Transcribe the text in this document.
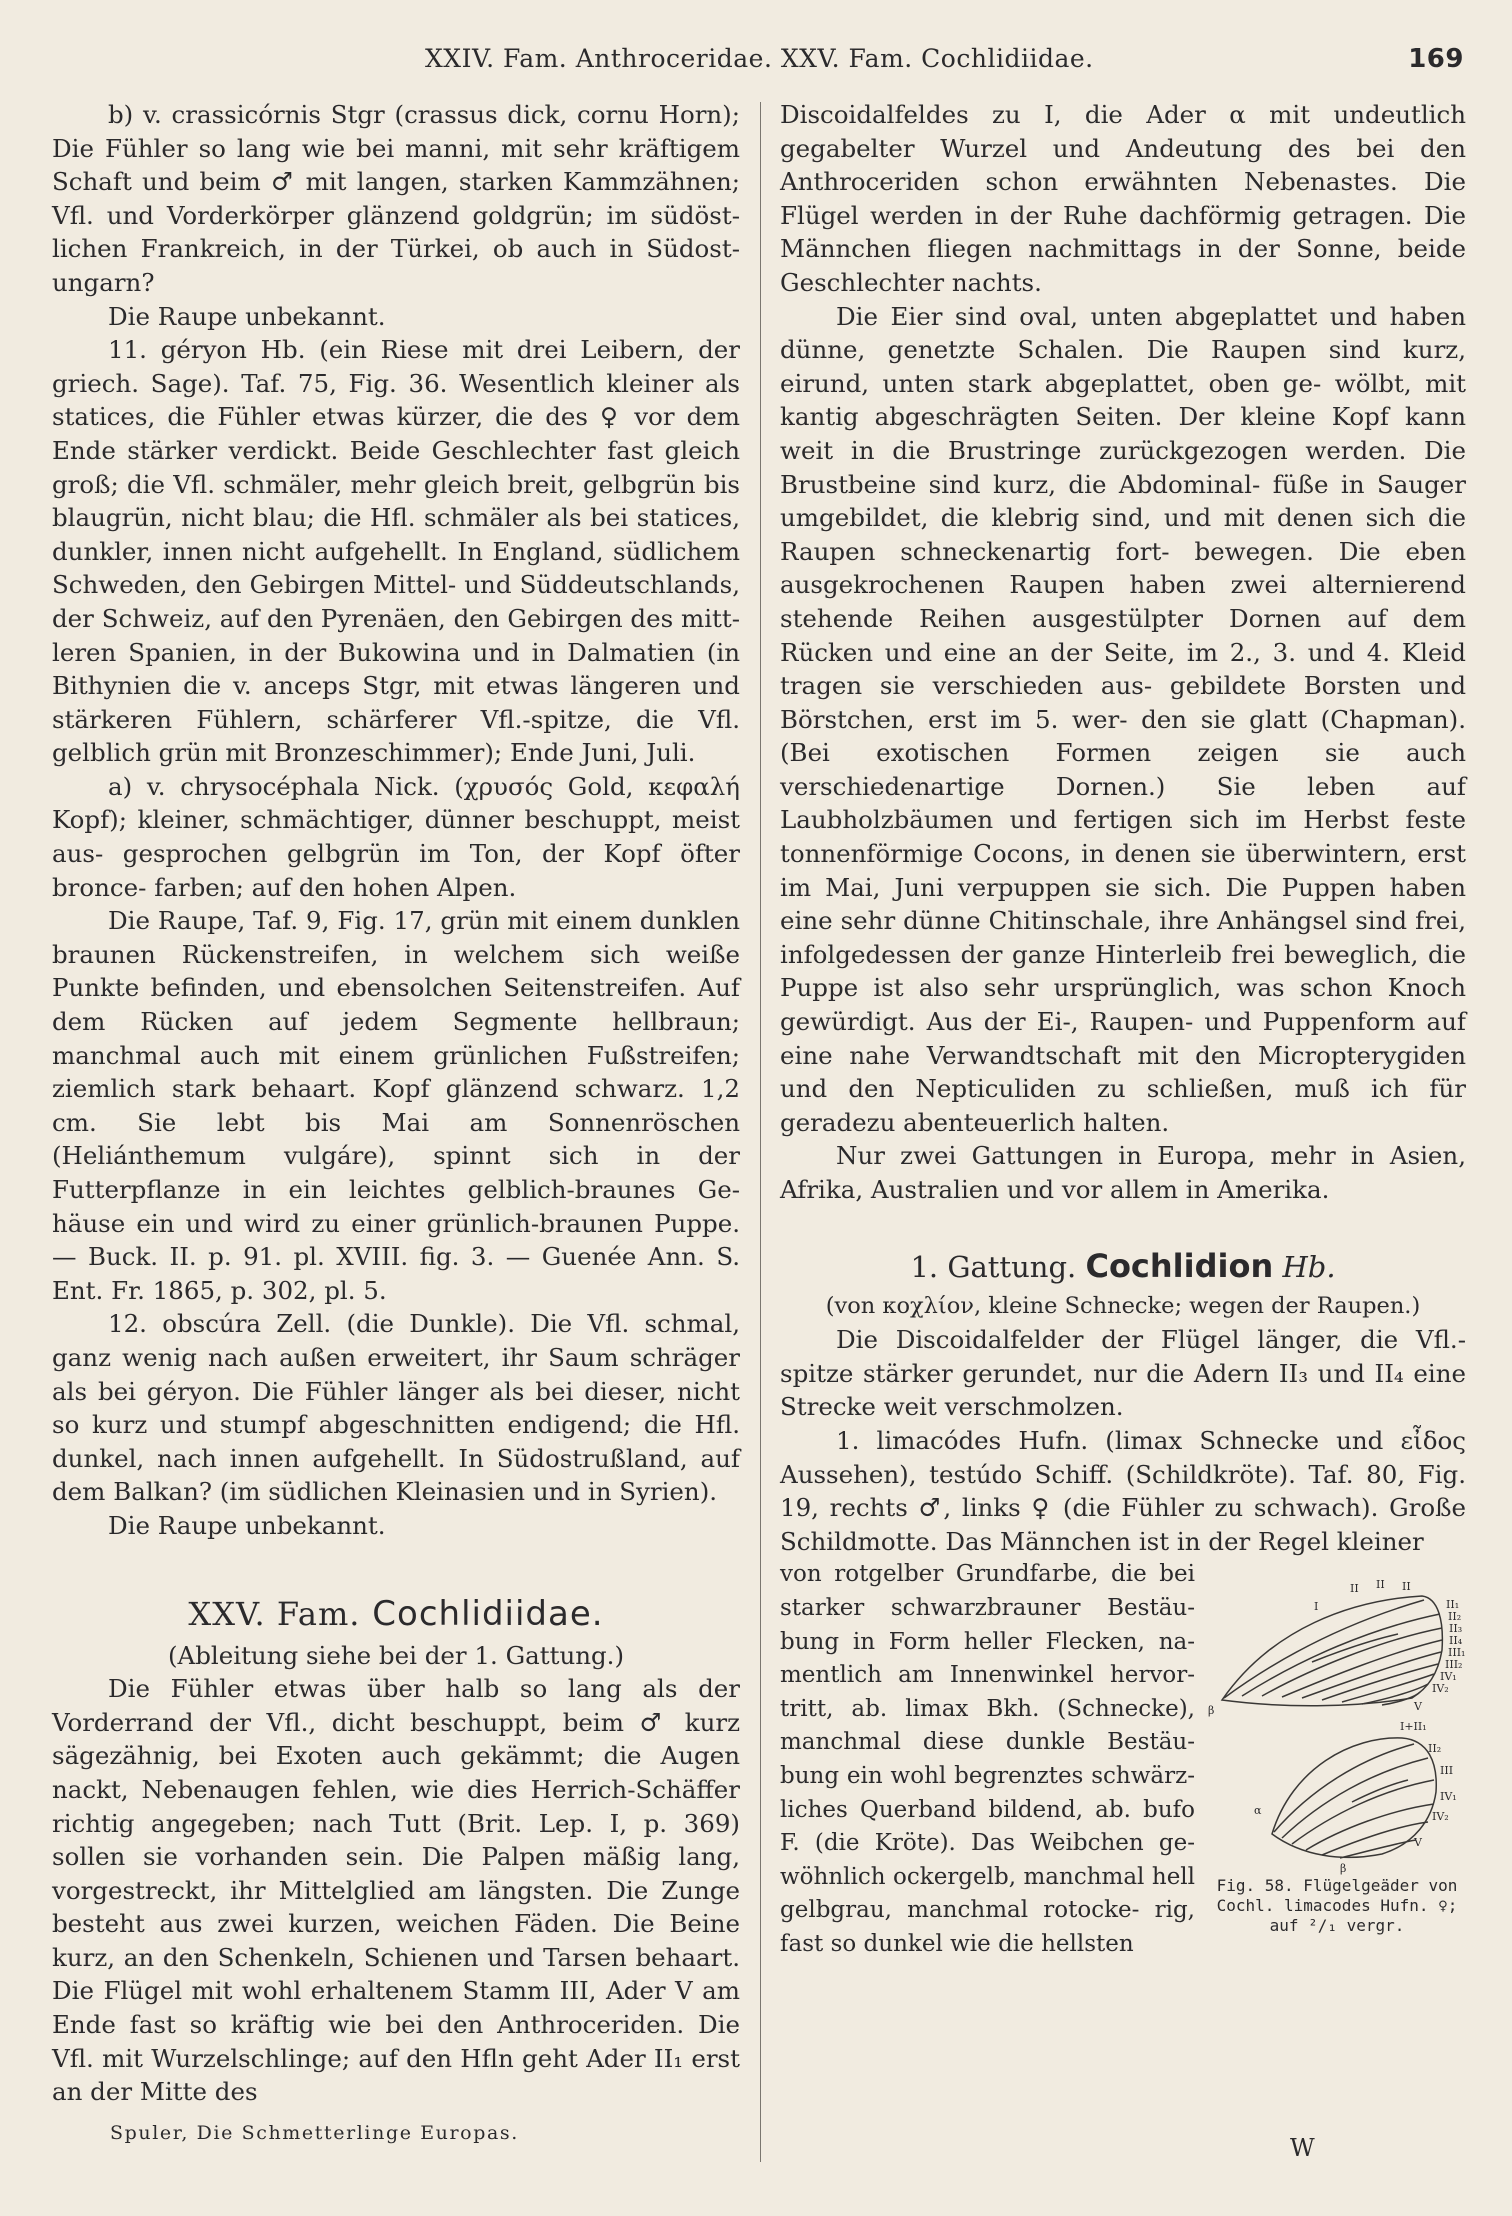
XXIV. Fam. Anthroceridae. XXV. Fam. Cochlidiidae.	169

b) v. crassicórnis Stgr (crassus dick, cornu Horn); Die Fühler so lang wie bei manni, mit sehr kräftigem Schaft und beim ♂ mit langen, starken Kammzähnen; Vfl. und Vorderkörper glänzend goldgrün; im südöst- lichen Frankreich, in der Türkei, ob auch in Südost- ungarn?

Die Raupe unbekannt.

11. géryon Hb. (ein Riese mit drei Leibern, der griech. Sage). Taf. 75, Fig. 36. Wesentlich kleiner als statices, die Fühler etwas kürzer, die des ♀ vor dem Ende stärker verdickt. Beide Geschlechter fast gleich groß; die Vfl. schmäler, mehr gleich breit, gelbgrün bis blaugrün, nicht blau; die Hfl. schmäler als bei statices, dunkler, innen nicht aufgehellt. In England, südlichem Schweden, den Gebirgen Mittel- und Süddeutschlands, der Schweiz, auf den Pyrenäen, den Gebirgen des mitt- leren Spanien, in der Bukowina und in Dalmatien (in Bithynien die v. anceps Stgr, mit etwas längeren und stärkeren Fühlern, schärferer Vfl.-spitze, die Vfl. gelblich grün mit Bronzeschimmer); Ende Juni, Juli.

a) v. chrysocéphala Nick. (χρυσός Gold, κεφαλή Kopf); kleiner, schmächtiger, dünner beschuppt, meist aus- gesprochen gelbgrün im Ton, der Kopf öfter bronce- farben; auf den hohen Alpen.

Die Raupe, Taf. 9, Fig. 17, grün mit einem dunklen braunen Rückenstreifen, in welchem sich weiße Punkte befinden, und ebensolchen Seitenstreifen. Auf dem Rücken auf jedem Segmente hellbraun; manchmal auch mit einem grünlichen Fußstreifen; ziemlich stark behaart. Kopf glänzend schwarz. 1,2 cm. Sie lebt bis Mai am Sonnenröschen (Heliánthemum vulgáre), spinnt sich in der Futterpflanze in ein leichtes gelblich-braunes Ge- häuse ein und wird zu einer grünlich-braunen Puppe. — Buck. II. p. 91. pl. XVIII. fig. 3. — Guenée Ann. S. Ent. Fr. 1865, p. 302, pl. 5.

12. obscúra Zell. (die Dunkle). Die Vfl. schmal, ganz wenig nach außen erweitert, ihr Saum schräger als bei géryon. Die Fühler länger als bei dieser, nicht so kurz und stumpf abgeschnitten endigend; die Hfl. dunkel, nach innen aufgehellt. In Südostrußland, auf dem Balkan? (im südlichen Kleinasien und in Syrien).

Die Raupe unbekannt.

XXV. Fam. Cochlidiidae.

(Ableitung siehe bei der 1. Gattung.)

Die Fühler etwas über halb so lang als der Vorderrand der Vfl., dicht beschuppt, beim ♂ kurz sägezähnig, bei Exoten auch gekämmt; die Augen nackt, Nebenaugen fehlen, wie dies Herrich-Schäffer richtig angegeben; nach Tutt (Brit. Lep. I, p. 369) sollen sie vorhanden sein. Die Palpen mäßig lang, vorgestreckt, ihr Mittelglied am längsten. Die Zunge besteht aus zwei kurzen, weichen Fäden. Die Beine kurz, an den Schenkeln, Schienen und Tarsen behaart. Die Flügel mit wohl erhaltenem Stamm III, Ader V am Ende fast so kräftig wie bei den Anthroceriden. Die Vfl. mit Wurzelschlinge; auf den Hfln geht Ader II₁ erst an der Mitte des

Discoidalfeldes zu I, die Ader α mit undeutlich gegabelter Wurzel und Andeutung des bei den Anthroceriden schon erwähnten Nebenastes. Die Flügel werden in der Ruhe dachförmig getragen. Die Männchen fliegen nachmittags in der Sonne, beide Geschlechter nachts.

Die Eier sind oval, unten abgeplattet und haben dünne, genetzte Schalen. Die Raupen sind kurz, eirund, unten stark abgeplattet, oben ge- wölbt, mit kantig abgeschrägten Seiten. Der kleine Kopf kann weit in die Brustringe zurückgezogen werden. Die Brustbeine sind kurz, die Abdominal- füße in Sauger umgebildet, die klebrig sind, und mit denen sich die Raupen schneckenartig fort- bewegen. Die eben ausgekrochenen Raupen haben zwei alternierend stehende Reihen ausgestülpter Dornen auf dem Rücken und eine an der Seite, im 2., 3. und 4. Kleid tragen sie verschieden aus- gebildete Borsten und Börstchen, erst im 5. wer- den sie glatt (Chapman). (Bei exotischen Formen zeigen sie auch verschiedenartige Dornen.) Sie leben auf Laubholzbäumen und fertigen sich im Herbst feste tonnenförmige Cocons, in denen sie überwintern, erst im Mai, Juni verpuppen sie sich. Die Puppen haben eine sehr dünne Chitinschale, ihre Anhängsel sind frei, infolgedessen der ganze Hinterleib frei beweglich, die Puppe ist also sehr ursprünglich, was schon Knoch gewürdigt. Aus der Ei-, Raupen- und Puppenform auf eine nahe Verwandtschaft mit den Micropterygiden und den Nepticuliden zu schließen, muß ich für geradezu abenteuerlich halten.

Nur zwei Gattungen in Europa, mehr in Asien, Afrika, Australien und vor allem in Amerika.

1. Gattung. Cochlidion Hb.

(von κοχλίον, kleine Schnecke; wegen der Raupen.)

Die Discoidalfelder der Flügel länger, die Vfl.- spitze stärker gerundet, nur die Adern II₃ und II₄ eine Strecke weit verschmolzen.

1. limacódes Hufn. (limax Schnecke und εἶδος Aussehen), testúdo Schiff. (Schildkröte). Taf. 80, Fig. 19, rechts ♂, links ♀ (die Fühler zu schwach). Große Schildmotte. Das Männchen ist in der Regel kleiner

von rotgelber Grundfarbe, die bei starker schwarzbrauner Bestäu- bung in Form heller Flecken, na- mentlich am Innenwinkel hervor- tritt, ab. limax Bkh. (Schnecke), manchmal diese dunkle Bestäu- bung ein wohl begrenztes schwärz- liches Querband bildend, ab. bufo F. (die Kröte). Das Weibchen ge- wöhnlich ockergelb, manchmal hell gelbgrau, manchmal rotocke- rig, fast so dunkel wie die hellsten

I
II II II
II₁
II₂
II₃
II₄
III₁
III₂
IV₁
IV₂
V
β
I+II₁
II₂
III
IV₁
IV₂
V
α
β
Fig. 58. Flügelgeäder von Cochl. limacodes Hufn. ♀; auf ²/₁ vergr.
Spuler, Die Schmetterlinge Europas.
W
